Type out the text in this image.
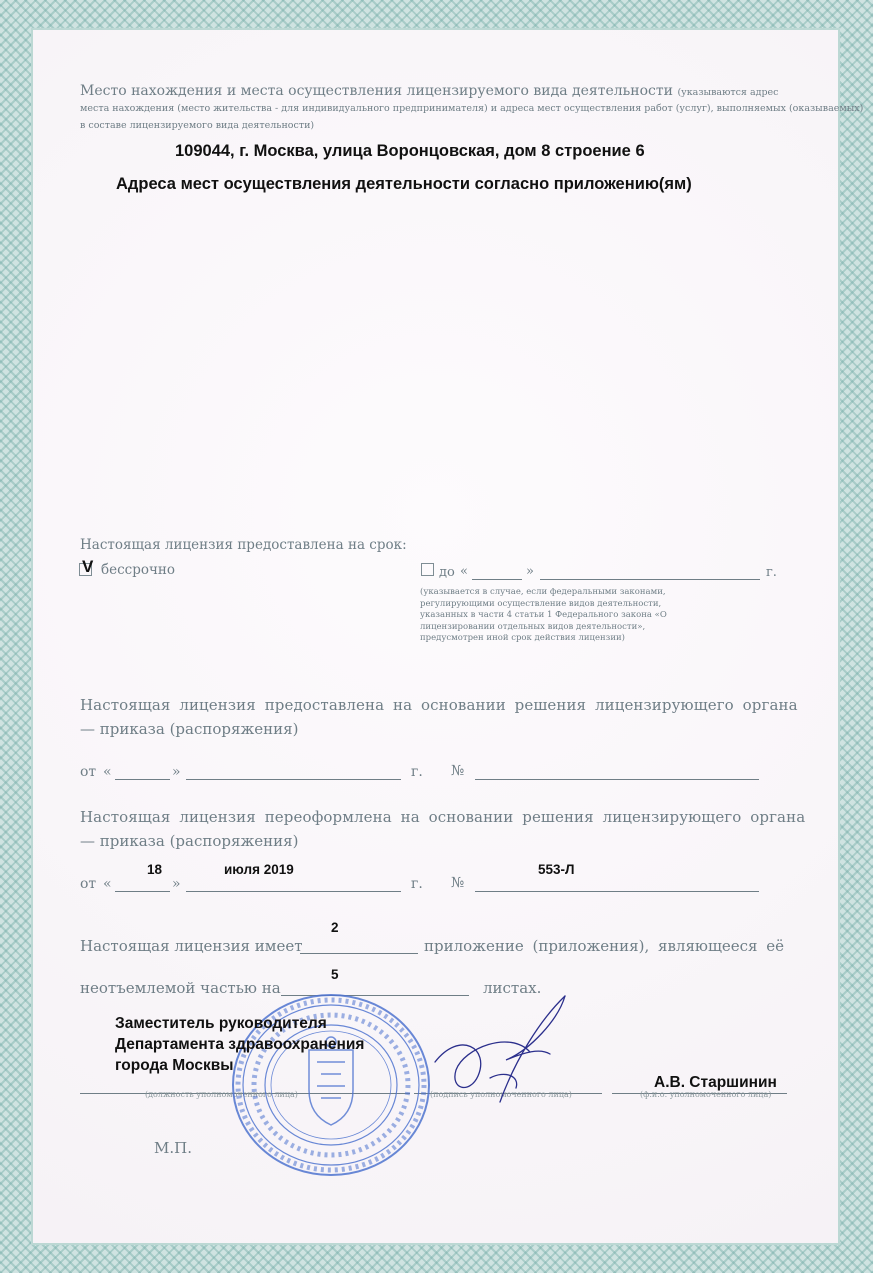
Место нахождения и места осуществления лицензируемого вида деятельности (указываются адрес
места нахождения (место жительства - для индивидуального предпринимателя) и адреса мест осуществления работ (услуг), выполняемых (оказываемых)
в составе лицензируемого вида деятельности)
109044, г. Москва, улица Воронцовская, дом 8 строение 6
Адреса мест осуществления деятельности согласно приложению(ям)
Настоящая лицензия предоставлена на срок:
V бессрочно	до «	»	г.
(указывается в случае, если федеральными законами, регулирующими осуществление видов деятельности, указанных в части 4 статьи 1 Федерального закона «О лицензировании отдельных видов деятельности», предусмотрен иной срок действия лицензии)
Настоящая лицензия предоставлена на основании решения лицензирующего органа
— приказа (распоряжения)
от «	»	г. №
Настоящая лицензия переоформлена на основании решения лицензирующего органа
— приказа (распоряжения)
от «
18
»
июля 2019
г. №
553-Л
Настоящая лицензия имеет
2
приложение (приложения), являющееся её
неотъемлемой частью на
5
листах.
(должность уполномоченного лица)	(подпись уполномоченного лица)	(ф.и.о. уполномоченного лица)
Заместитель руководителя Департамента здравоохранения города Москвы
А.В. Старшинин
М.П.
